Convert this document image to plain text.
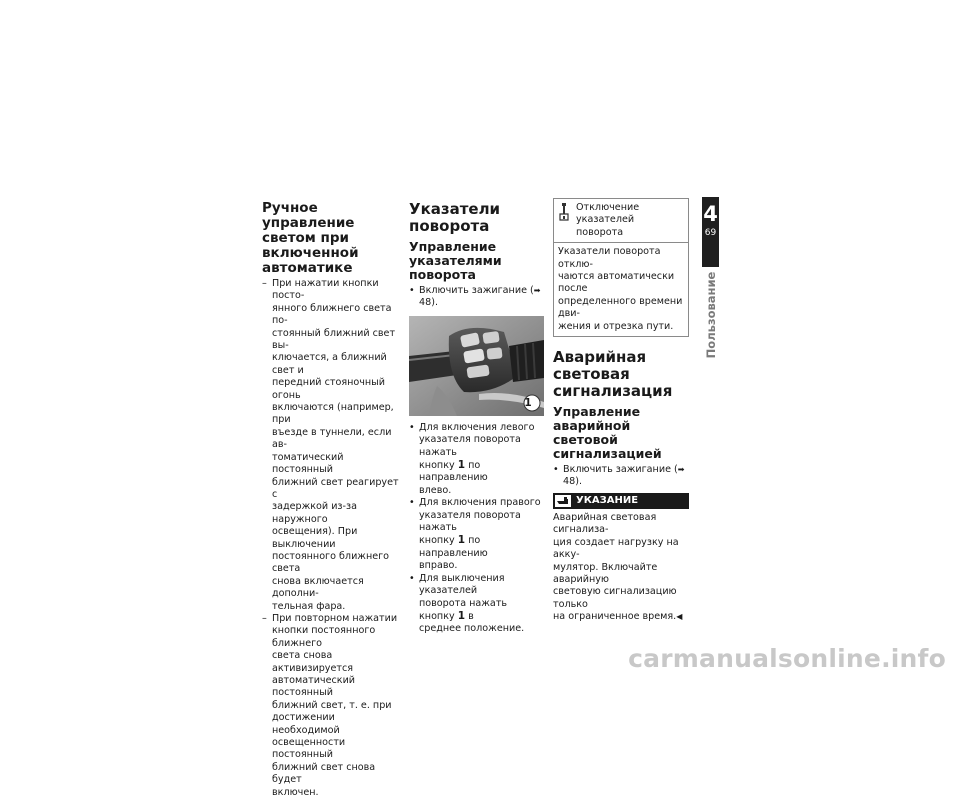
Ручное управление
светом при включенной
автоматике
– При нажатии кнопки посто-
янного ближнего света по-
стоянный ближний свет вы-
ключается, а ближний свет и
передний стояночный огонь
включаются (например, при
въезде в туннели, если ав-
томатический постоянный
ближний свет реагирует с
задержкой из-за наружного
освещения). При выключении
постоянного ближнего света
снова включается дополни-
тельная фара.
– При повторном нажатии
кнопки постоянного ближнего
света снова активизируется
автоматический постоянный
ближний свет, т. е. при
достижении необходимой
освещенности постоянный
ближний свет снова будет
включен.
Указатели поворота
Управление указателями
поворота
• Включить зажигание (➡ 48).
1
• Для включения левого
указателя поворота нажать
кнопку 1 по направлению
влево.
• Для включения правого
указателя поворота нажать
кнопку 1 по направлению
вправо.
• Для выключения указателей
поворота нажать кнопку 1 в
среднее положение.
Отключение указателей
поворота
Указатели поворота отклю-
чаются автоматически после
определенного времени дви-
жения и отрезка пути.
Аварийная световая
сигнализация
Управление аварийной
световой сигнализацией
• Включить зажигание (➡ 48).
УКАЗАНИЕ
Аварийная световая сигнализа-
ция создает нагрузку на акку-
мулятор. Включайте аварийную
световую сигнализацию только
на ограниченное время.◀
4
69
Пользование
carmanualsonline.info
